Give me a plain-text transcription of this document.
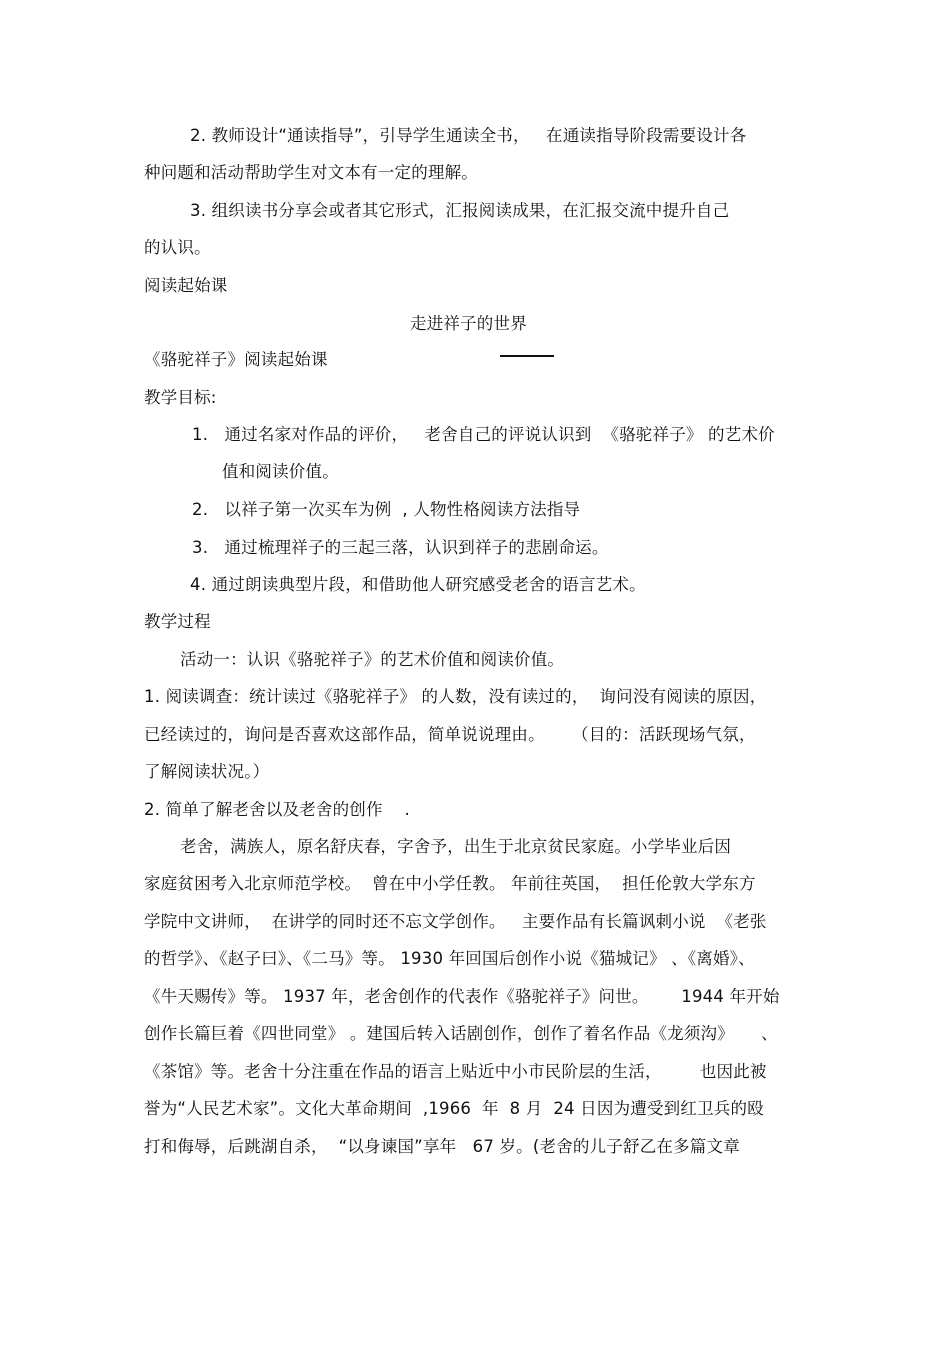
2. 教师设计“通读指导”，引导学生通读全书，   在通读指导阶段需要设计各
种问题和活动帮助学生对文本有一定的理解。
3. 组织读书分享会或者其它形式，汇报阅读成果，在汇报交流中提升自己
的认识。
阅读起始课
走进祥子的世界
《骆驼祥子》阅读起始课
教学目标:
1.   通过名家对作品的评价，   老舍自己的评说认识到  《骆驼祥子》 的艺术价
值和阅读价值。
2.   以祥子第一次买车为例  , 人物性格阅读方法指导
3.   通过梳理祥子的三起三落，认识到祥子的悲剧命运。
4. 通过朗读典型片段，和借助他人研究感受老舍的语言艺术。
教学过程
活动一：认识《骆驼祥子》的艺术价值和阅读价值。
1. 阅读调查：统计读过《骆驼祥子》 的人数，没有读过的，  询问没有阅读的原因，
已经读过的，询问是否喜欢这部作品，简单说说理由。     （目的：活跃现场气氛，
了解阅读状况。）
2. 简单了解老舍以及老舍的创作    .
老舍，满族人，原名舒庆春，字舍予，出生于北京贫民家庭。小学毕业后因
家庭贫困考入北京师范学校。  曾在中小学任教。 年前往英国，  担任伦敦大学东方
学院中文讲师，  在讲学的同时还不忘文学创作。   主要作品有长篇讽刺小说  《老张
的哲学》、《赵子曰》、《二马》等。 1930 年回国后创作小说《猫城记》 、《离婚》、
《牛天赐传》等。 1937 年，老舍创作的代表作《骆驼祥子》问世。      1944 年开始
创作长篇巨着《四世同堂》 。建国后转入话剧创作，创作了着名作品《龙须沟》     、
《茶馆》等。老舍十分注重在作品的语言上贴近中小市民阶层的生活，       也因此被
誉为“人民艺术家”。文化大革命期间  ,1966  年  8 月  24 日因为遭受到红卫兵的殴
打和侮辱，后跳湖自杀，  “以身谏国”享年   67 岁。(老舍的儿子舒乙在多篇文章
